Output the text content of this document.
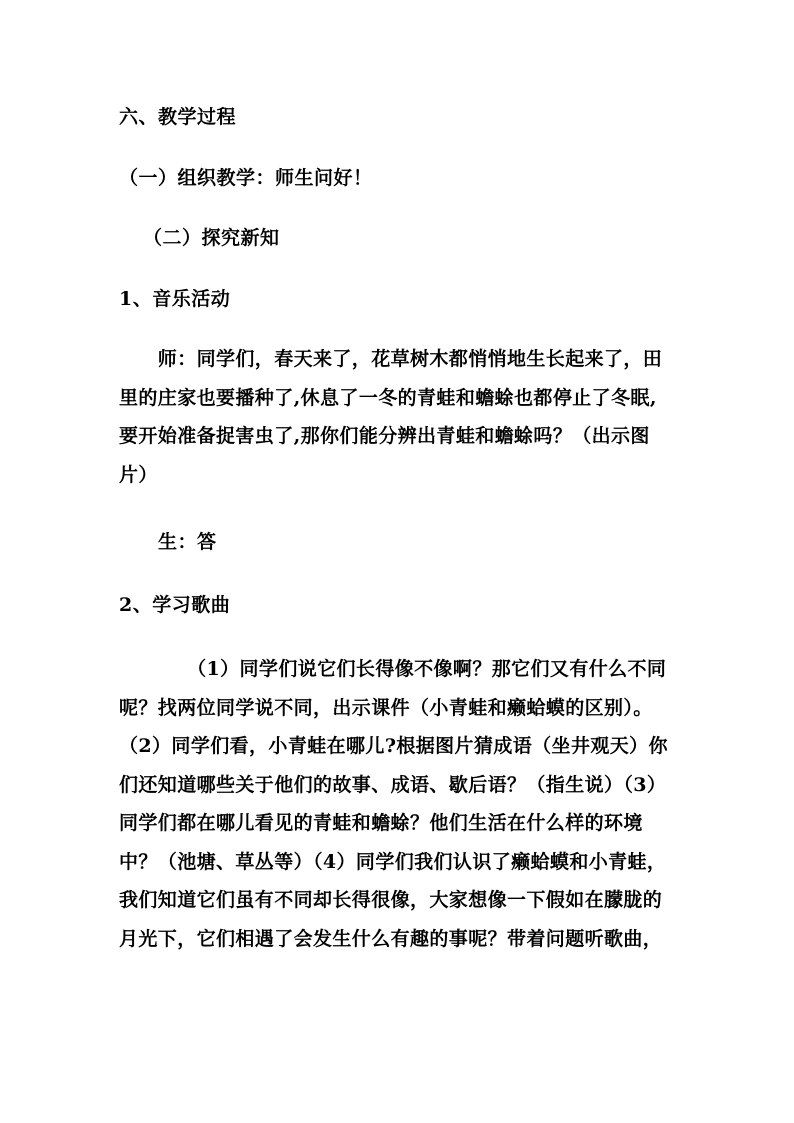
六、教学过程
（一）组织教学：师生问好！
（二）探究新知
1、音乐活动
　　师：同学们，春天来了，花草树木都悄悄地生长起来了，田
里的庄家也要播种了,休息了一冬的青蛙和蟾蜍也都停止了冬眠,
要开始准备捉害虫了,那你们能分辨出青蛙和蟾蜍吗？（出示图
片）
　　生：答
2、学习歌曲
　　　　（1）同学们说它们长得像不像啊？那它们又有什么不同
呢？找两位同学说不同，出示课件（小青蛙和癞蛤蟆的区别）。
（2）同学们看，小青蛙在哪儿?根据图片猜成语（坐井观天）你
们还知道哪些关于他们的故事、成语、歇后语？（指生说）（3）
同学们都在哪儿看见的青蛙和蟾蜍？他们生活在什么样的环境
中？（池塘、草丛等）（4）同学们我们认识了癞蛤蟆和小青蛙，
我们知道它们虽有不同却长得很像，大家想像一下假如在朦胧的
月光下，它们相遇了会发生什么有趣的事呢？带着问题听歌曲，
